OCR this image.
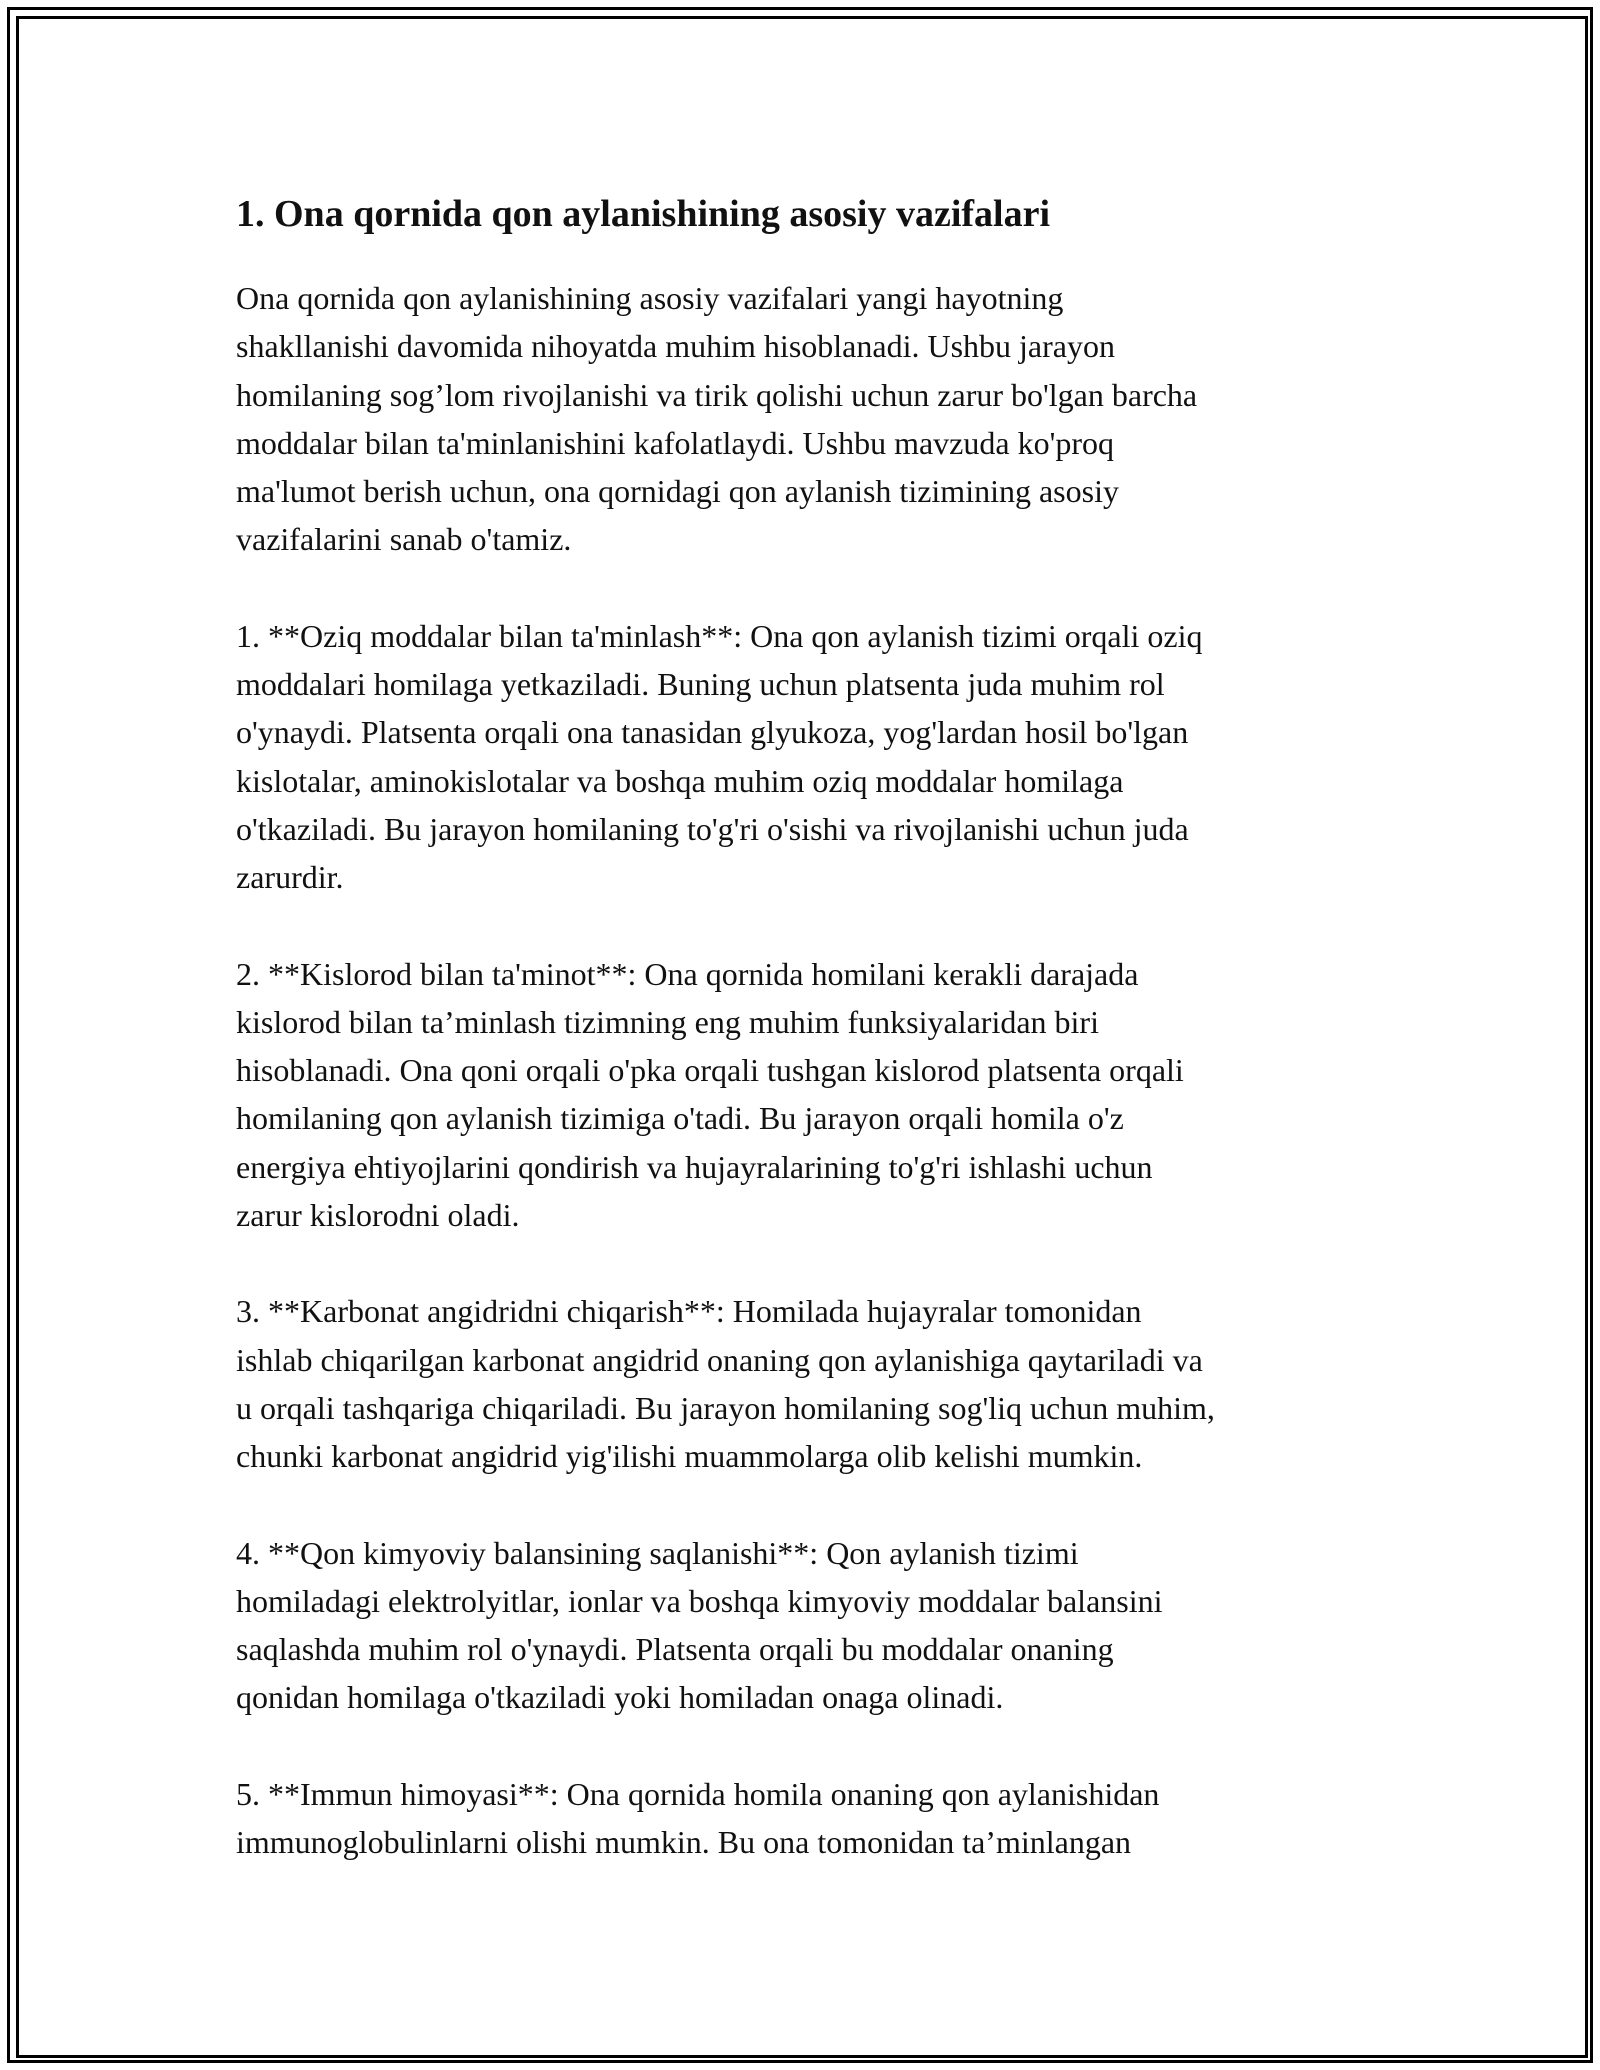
1. Ona qornida qon aylanishining asosiy vazifalari

Ona qornida qon aylanishining asosiy vazifalari yangi hayotning
shakllanishi davomida nihoyatda muhim hisoblanadi. Ushbu jarayon
homilaning sog’lom rivojlanishi va tirik qolishi uchun zarur bo'lgan barcha
moddalar bilan ta'minlanishini kafolatlaydi. Ushbu mavzuda ko'proq
ma'lumot berish uchun, ona qornidagi qon aylanish tizimining asosiy
vazifalarini sanab o'tamiz.

1. **Oziq moddalar bilan ta'minlash**: Ona qon aylanish tizimi orqali oziq
moddalari homilaga yetkaziladi. Buning uchun platsenta juda muhim rol
o'ynaydi. Platsenta orqali ona tanasidan glyukoza, yog'lardan hosil bo'lgan
kislotalar, aminokislotalar va boshqa muhim oziq moddalar homilaga
o'tkaziladi. Bu jarayon homilaning to'g'ri o'sishi va rivojlanishi uchun juda
zarurdir.

2. **Kislorod bilan ta'minot**: Ona qornida homilani kerakli darajada
kislorod bilan ta’minlash tizimning eng muhim funksiyalaridan biri
hisoblanadi. Ona qoni orqali o'pka orqali tushgan kislorod platsenta orqali
homilaning qon aylanish tizimiga o'tadi. Bu jarayon orqali homila o'z
energiya ehtiyojlarini qondirish va hujayralarining to'g'ri ishlashi uchun
zarur kislorodni oladi.

3. **Karbonat angidridni chiqarish**: Homilada hujayralar tomonidan
ishlab chiqarilgan karbonat angidrid onaning qon aylanishiga qaytariladi va
u orqali tashqariga chiqariladi. Bu jarayon homilaning sog'liq uchun muhim,
chunki karbonat angidrid yig'ilishi muammolarga olib kelishi mumkin.

4. **Qon kimyoviy balansining saqlanishi**: Qon aylanish tizimi
homiladagi elektrolyitlar, ionlar va boshqa kimyoviy moddalar balansini
saqlashda muhim rol o'ynaydi. Platsenta orqali bu moddalar onaning
qonidan homilaga o'tkaziladi yoki homiladan onaga olinadi.

5. **Immun himoyasi**: Ona qornida homila onaning qon aylanishidan
immunoglobulinlarni olishi mumkin. Bu ona tomonidan ta’minlangan
